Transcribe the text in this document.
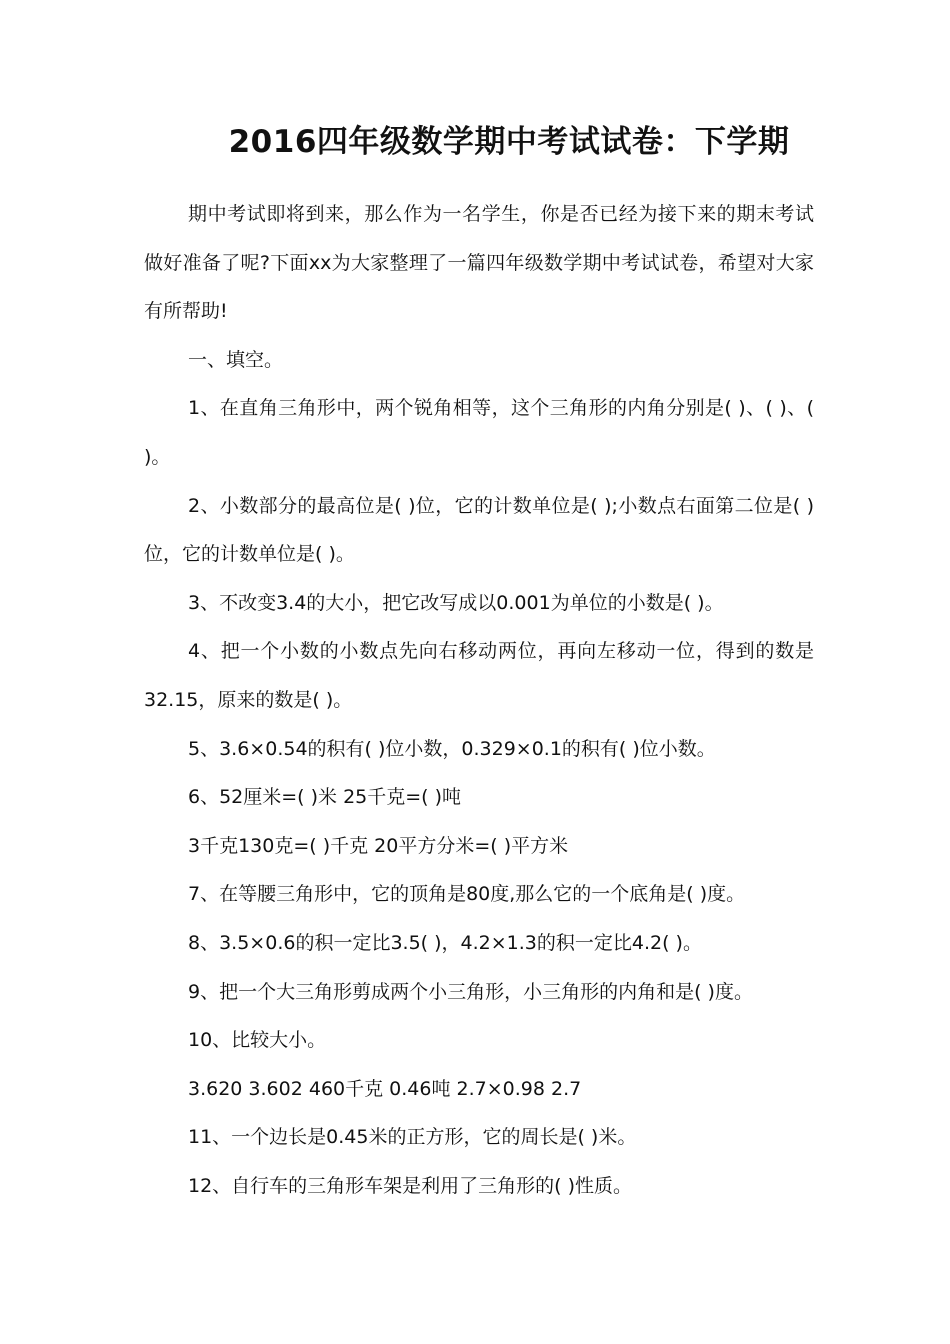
2016四年级数学期中考试试卷：下学期

期中考试即将到来，那么作为一名学生，你是否已经为接下来的期末考试做好准备了呢?下面xx为大家整理了一篇四年级数学期中考试试卷，希望对大家有所帮助!

一、填空。

1、在直角三角形中，两个锐角相等，这个三角形的内角分别是( )、( )、( )。

2、小数部分的最高位是( )位，它的计数单位是( );小数点右面第二位是( )位，它的计数单位是( )。

3、不改变3.4的大小，把它改写成以0.001为单位的小数是( )。

4、把一个小数的小数点先向右移动两位，再向左移动一位，得到的数是32.15，原来的数是( )。

5、3.6×0.54的积有( )位小数，0.329×0.1的积有( )位小数。

6、52厘米=( )米 25千克=( )吨

3千克130克=( )千克 20平方分米=( )平方米

7、在等腰三角形中，它的顶角是80度,那么它的一个底角是( )度。

8、3.5×0.6的积一定比3.5( )，4.2×1.3的积一定比4.2( )。

9、把一个大三角形剪成两个小三角形，小三角形的内角和是( )度。

10、比较大小。

3.620 3.602 460千克 0.46吨 2.7×0.98 2.7

11、一个边长是0.45米的正方形，它的周长是( )米。

12、自行车的三角形车架是利用了三角形的( )性质。
